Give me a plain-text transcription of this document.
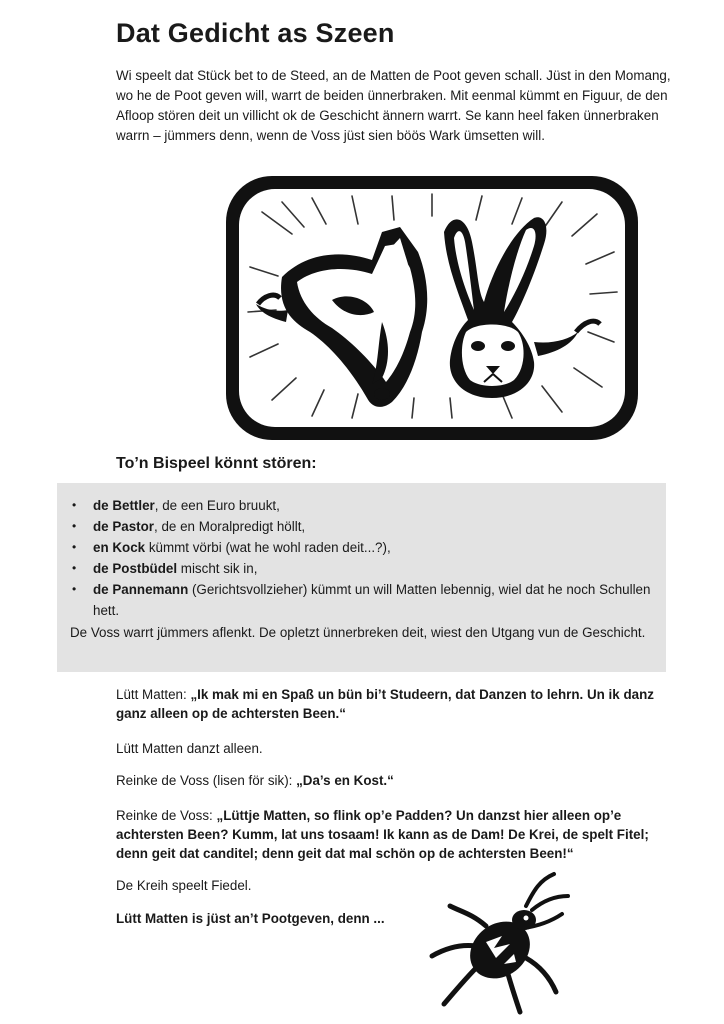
Dat Gedicht as Szeen

Wi speelt dat Stück bet to de Steed, an de Matten de Poot geven schall. Jüst in den Momang, wo he de Poot geven will, warrt de beiden ünnerbraken. Mit eenmal kümmt en Figuur, de den Afloop stören deit un villicht ok de Geschicht ännern warrt. Se kann heel faken ünnerbraken warrn – jümmers denn, wenn de Voss jüst sien böös Wark ümsetten will.

To’n Bispeel könnt stören:
• de Bettler, de een Euro bruukt,
• de Pastor, de en Moralpredigt höllt,
• en Kock kümmt vörbi (wat he wohl raden deit...?),
• de Postbüdel mischt sik in,
• de Pannemann (Gerichtsvollzieher) kümmt un will Matten lebennig, wiel dat he noch Schullen hett.

De Voss warrt jümmers aflenkt. De opletzt ünnerbreken deit, wiest den Utgang vun de Geschicht.

Lütt Matten: „Ik mak mi en Spaß un bün bi’t Studeern, dat Danzen to lehrn. Un ik danz ganz alleen op de achtersten Been.“

Lütt Matten danzt alleen.

Reinke de Voss (lisen för sik): „Da’s en Kost.“

Reinke de Voss: „Lüttje Matten, so flink op’e Padden? Un danzst hier alleen op’e achtersten Been? Kumm, lat uns tosaam! Ik kann as de Dam! De Krei, de spelt Fitel; denn geit dat canditel; denn geit dat mal schön op de achtersten Been!“

De Kreih speelt Fiedel.

Lütt Matten is jüst an’t Pootgeven, denn ...
